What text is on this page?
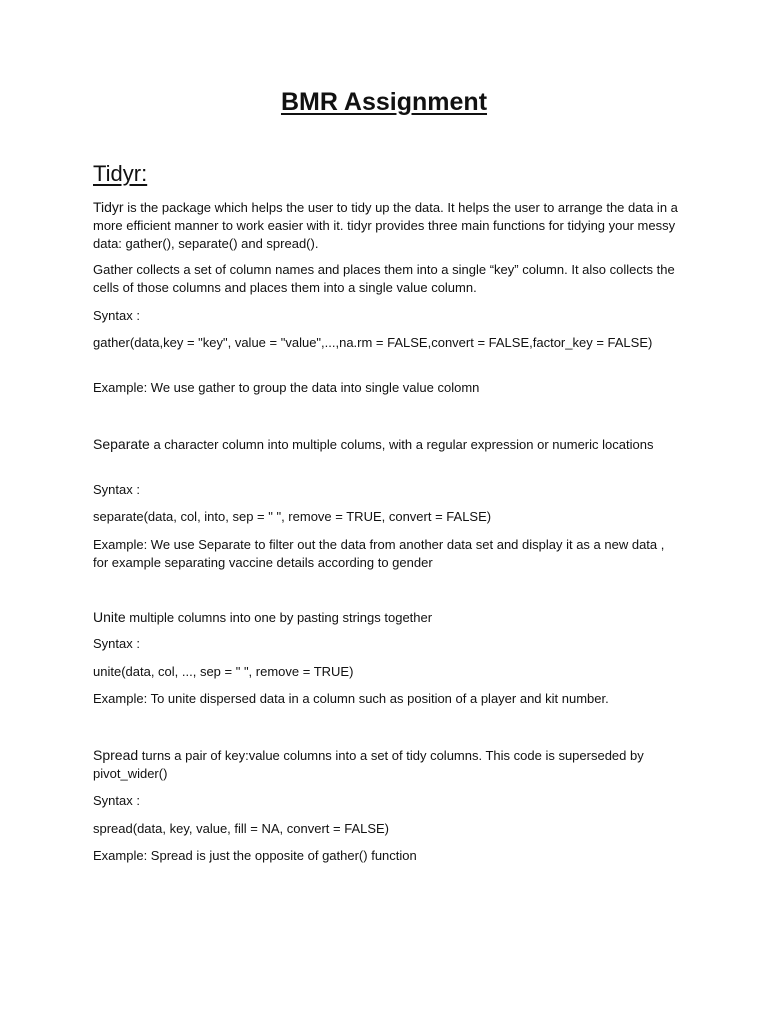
BMR Assignment
Tidyr:

Tidyr is the package which helps the user to tidy up the data. It helps the user to arrange the data in a more efficient manner to work easier with it. tidyr provides three main functions for tidying your messy data: gather(), separate() and spread().

Gather collects a set of column names and places them into a single “key” column. It also collects the cells of those columns and places them into a single value column.

Syntax :

gather(data,key = "key", value = "value",...,na.rm = FALSE,convert = FALSE,factor_key = FALSE)

Example: We use gather to group the data into single value colomn

Separate a character column into multiple colums, with a regular expression or numeric locations

Syntax :

separate(data, col, into, sep = " ", remove = TRUE, convert = FALSE)

Example: We use Separate to filter out the data from another data set and display it as a new data , for example separating vaccine details according to gender

Unite multiple columns into one by pasting strings together

Syntax :

unite(data, col, ..., sep = " ", remove = TRUE)

Example: To unite dispersed data in a column such as position of a player and kit number.

Spread turns a pair of key:value columns into a set of tidy columns. This code is superseded by pivot_wider()

Syntax :

spread(data, key, value, fill = NA, convert = FALSE)

Example: Spread is just the opposite of gather() function
